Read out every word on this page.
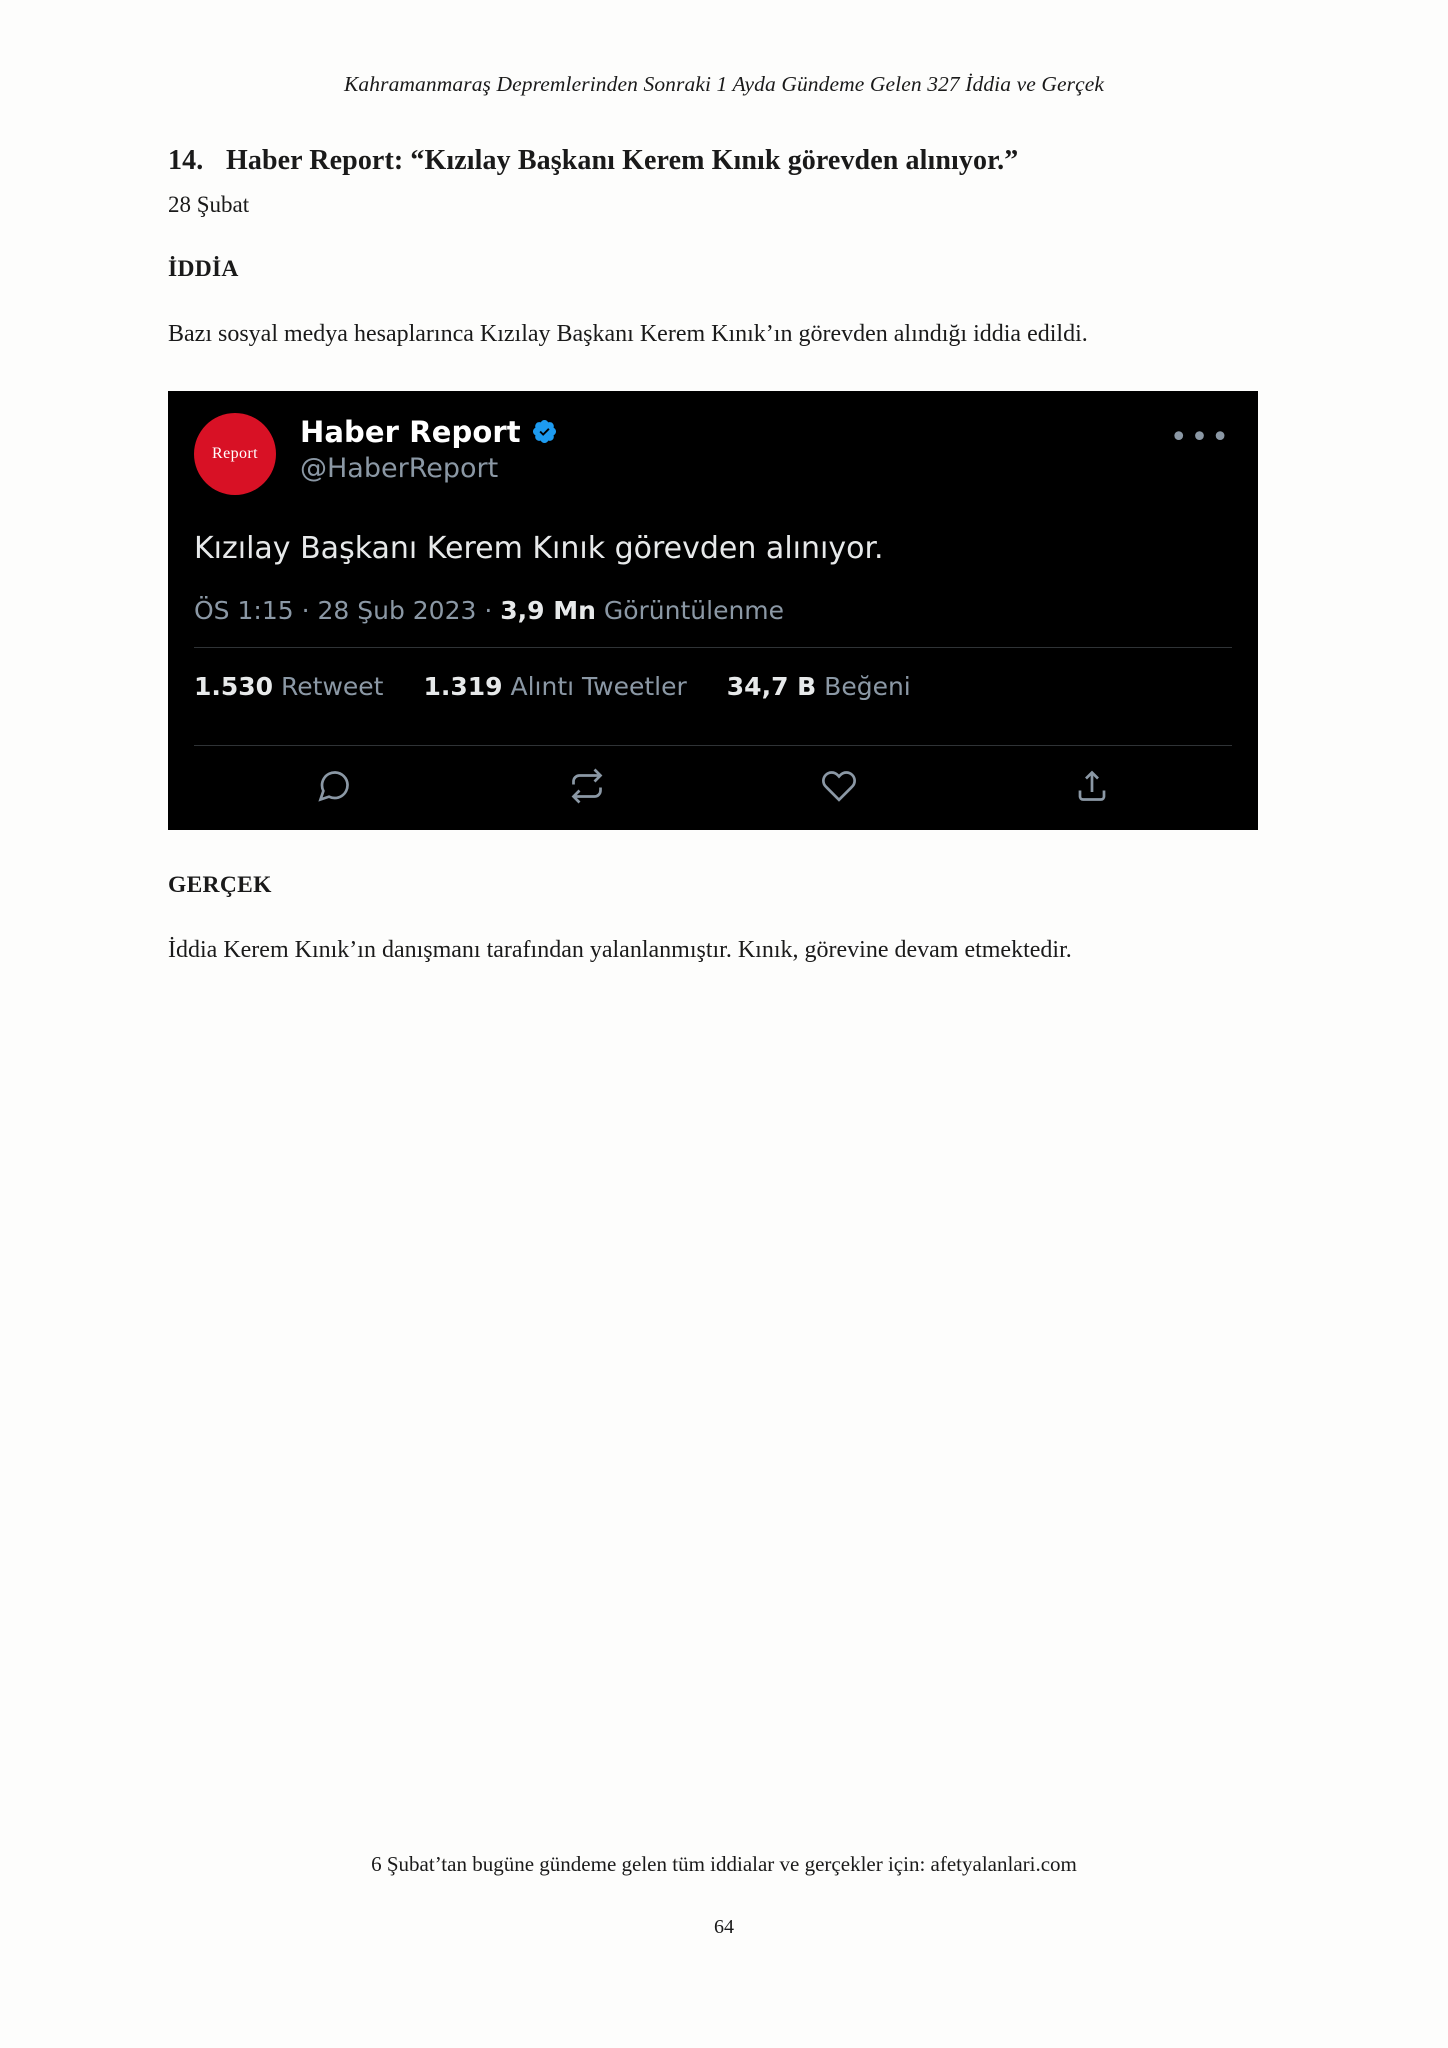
Kahramanmaraş Depremlerinden Sonraki 1 Ayda Gündeme Gelen 327 İddia ve Gerçek
14. Haber Report: “Kızılay Başkanı Kerem Kınık görevden alınıyor.”
28 Şubat
İDDİA
Bazı sosyal medya hesaplarınca Kızılay Başkanı Kerem Kınık’ın görevden alındığı iddia edildi.
Report
Haber Report
@HaberReport
•••
Kızılay Başkanı Kerem Kınık görevden alınıyor.
ÖS 1:15 · 28 Şub 2023 · 3,9 Mn Görüntülenme
1.530 Retweet 1.319 Alıntı Tweetler 34,7 B Beğeni
GERÇEK
İddia Kerem Kınık’ın danışmanı tarafından yalanlanmıştır. Kınık, görevine devam etmektedir.
6 Şubat’tan bugüne gündeme gelen tüm iddialar ve gerçekler için: afetyalanlari.com
64
